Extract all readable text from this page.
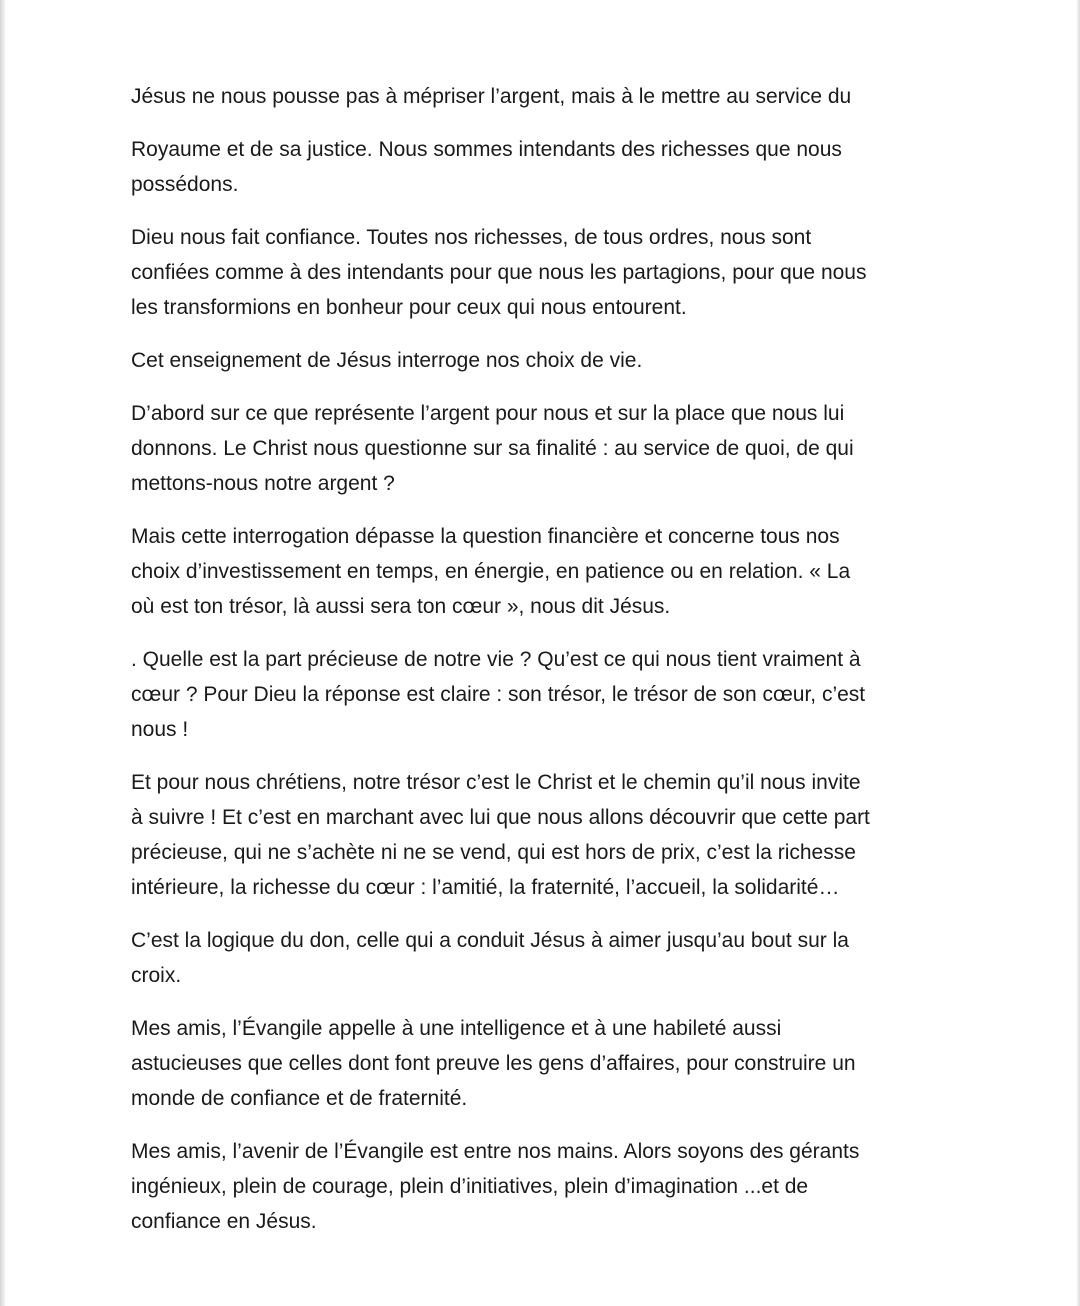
Jésus ne nous pousse pas à mépriser l’argent, mais à le mettre au service du

Royaume et de sa justice. Nous sommes intendants des richesses que nous
possédons.

Dieu nous fait confiance. Toutes nos richesses, de tous ordres, nous sont
confiées comme à des intendants pour que nous les partagions, pour que nous
les transformions en bonheur pour ceux qui nous entourent.

Cet enseignement de Jésus interroge nos choix de vie.

D’abord sur ce que représente l’argent pour nous et sur la place que nous lui
donnons. Le Christ nous questionne sur sa finalité : au service de quoi, de qui
mettons-nous notre argent ?

Mais cette interrogation dépasse la question financière et concerne tous nos
choix d’investissement en temps, en énergie, en patience ou en relation. « La
où est ton trésor, là aussi sera ton cœur », nous dit Jésus.

. Quelle est la part précieuse de notre vie ? Qu’est ce qui nous tient vraiment à
cœur ? Pour Dieu la réponse est claire : son trésor, le trésor de son cœur, c’est
nous !

Et pour nous chrétiens, notre trésor c’est le Christ et le chemin qu’il nous invite
à suivre ! Et c’est en marchant avec lui que nous allons découvrir que cette part
précieuse, qui ne s’achète ni ne se vend, qui est hors de prix, c’est la richesse
intérieure, la richesse du cœur : l’amitié, la fraternité, l’accueil, la solidarité…

C’est la logique du don, celle qui a conduit Jésus à aimer jusqu’au bout sur la
croix.

Mes amis, l’Évangile appelle à une intelligence et à une habileté aussi
astucieuses que celles dont font preuve les gens d’affaires, pour construire un
monde de confiance et de fraternité.

Mes amis, l’avenir de l’Évangile est entre nos mains. Alors soyons des gérants
ingénieux, plein de courage, plein d’initiatives, plein d’imagination ...et de
confiance en Jésus.
